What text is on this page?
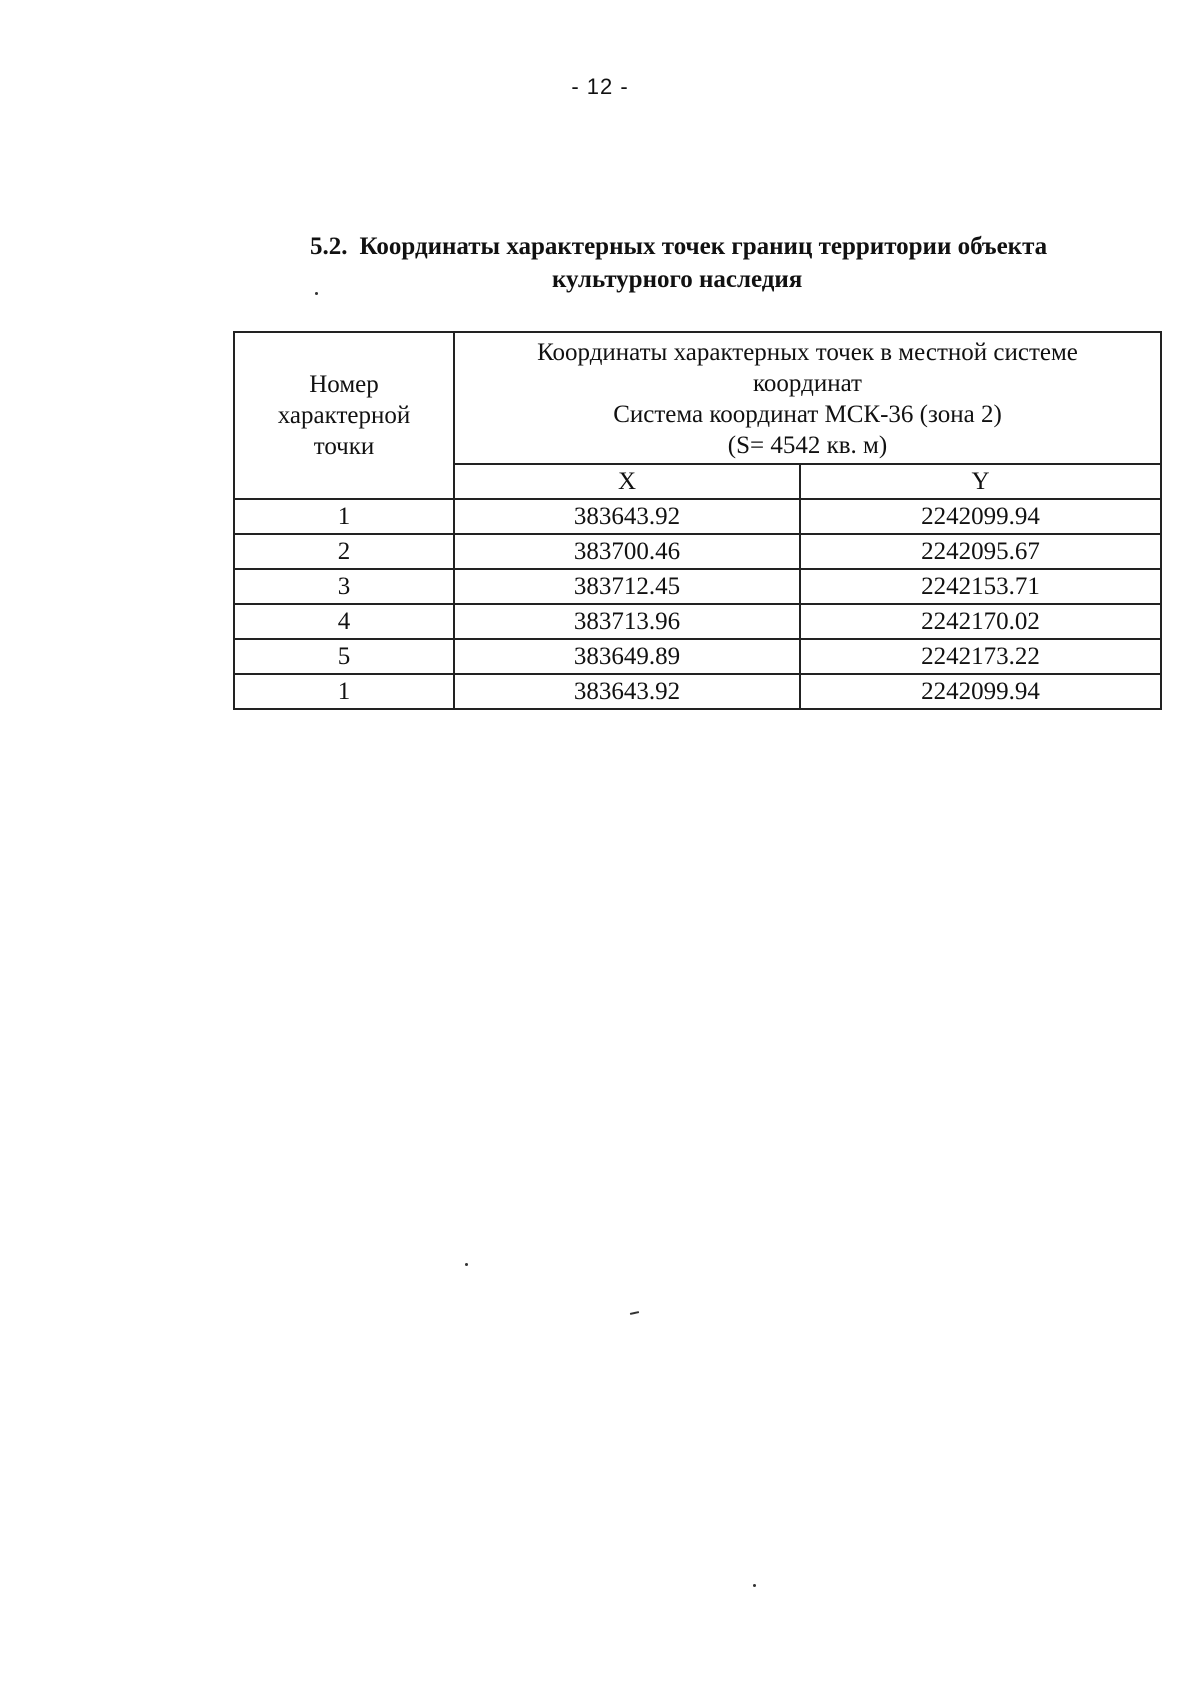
- 12 -
5.2. Координаты характерных точек границ территории объекта
культурного наследия
Номер
характерной
точки	Координаты характерных точек в местной системе
координат
Система координат МСК-36 (зона 2)
(S= 4542 кв. м)	

	X	Y
1	383643.92	2242099.94
2	383700.46	2242095.67
3	383712.45	2242153.71
4	383713.96	2242170.02
5	383649.89	2242173.22
1	383643.92	2242099.94
